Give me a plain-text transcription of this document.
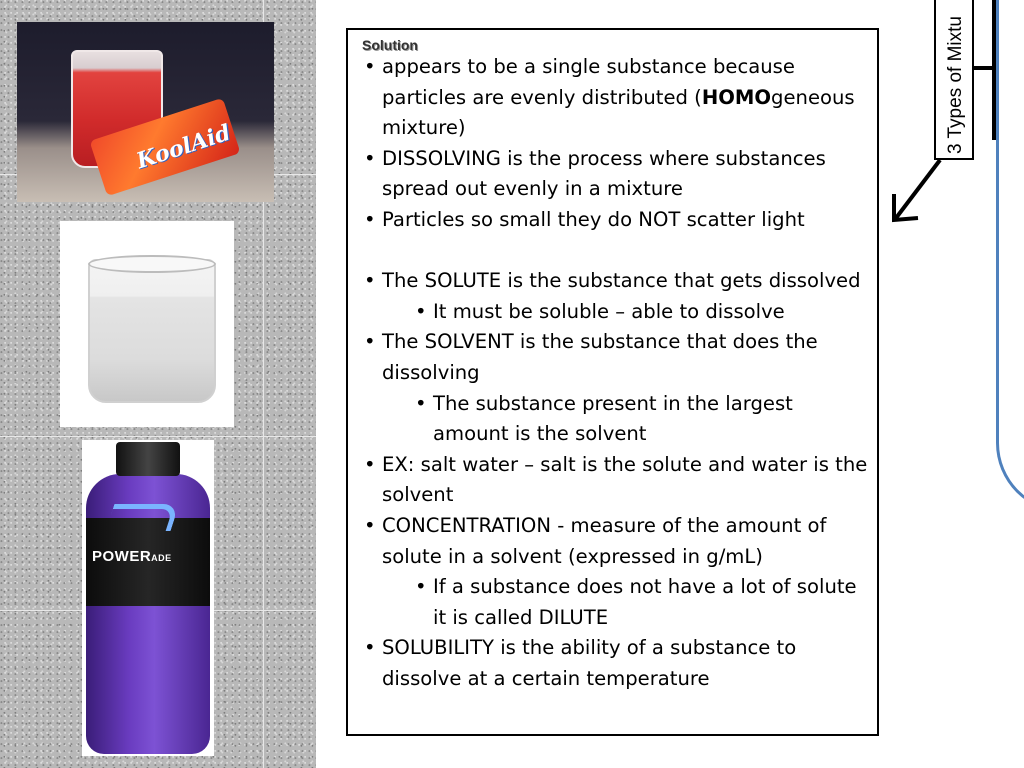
KoolAid
POWERADE
Solution
• appears to be a single substance because particles are evenly distributed (HOMOgeneous mixture)
• DISSOLVING is the process where substances spread out evenly in a mixture
• Particles so small they do NOT scatter light
• The SOLUTE is the substance that gets dissolved
• It must be soluble – able to dissolve
• The SOLVENT is the substance that does the dissolving
• The substance present in the largest amount is the solvent
• EX: salt water – salt is the solute and water is the solvent
• CONCENTRATION - measure of the amount of solute in a solvent (expressed in g/mL)
• If a substance does not have a lot of solute it is called DILUTE
• SOLUBILITY is the ability of a substance to dissolve at a certain temperature
3 Types of Mixtu
